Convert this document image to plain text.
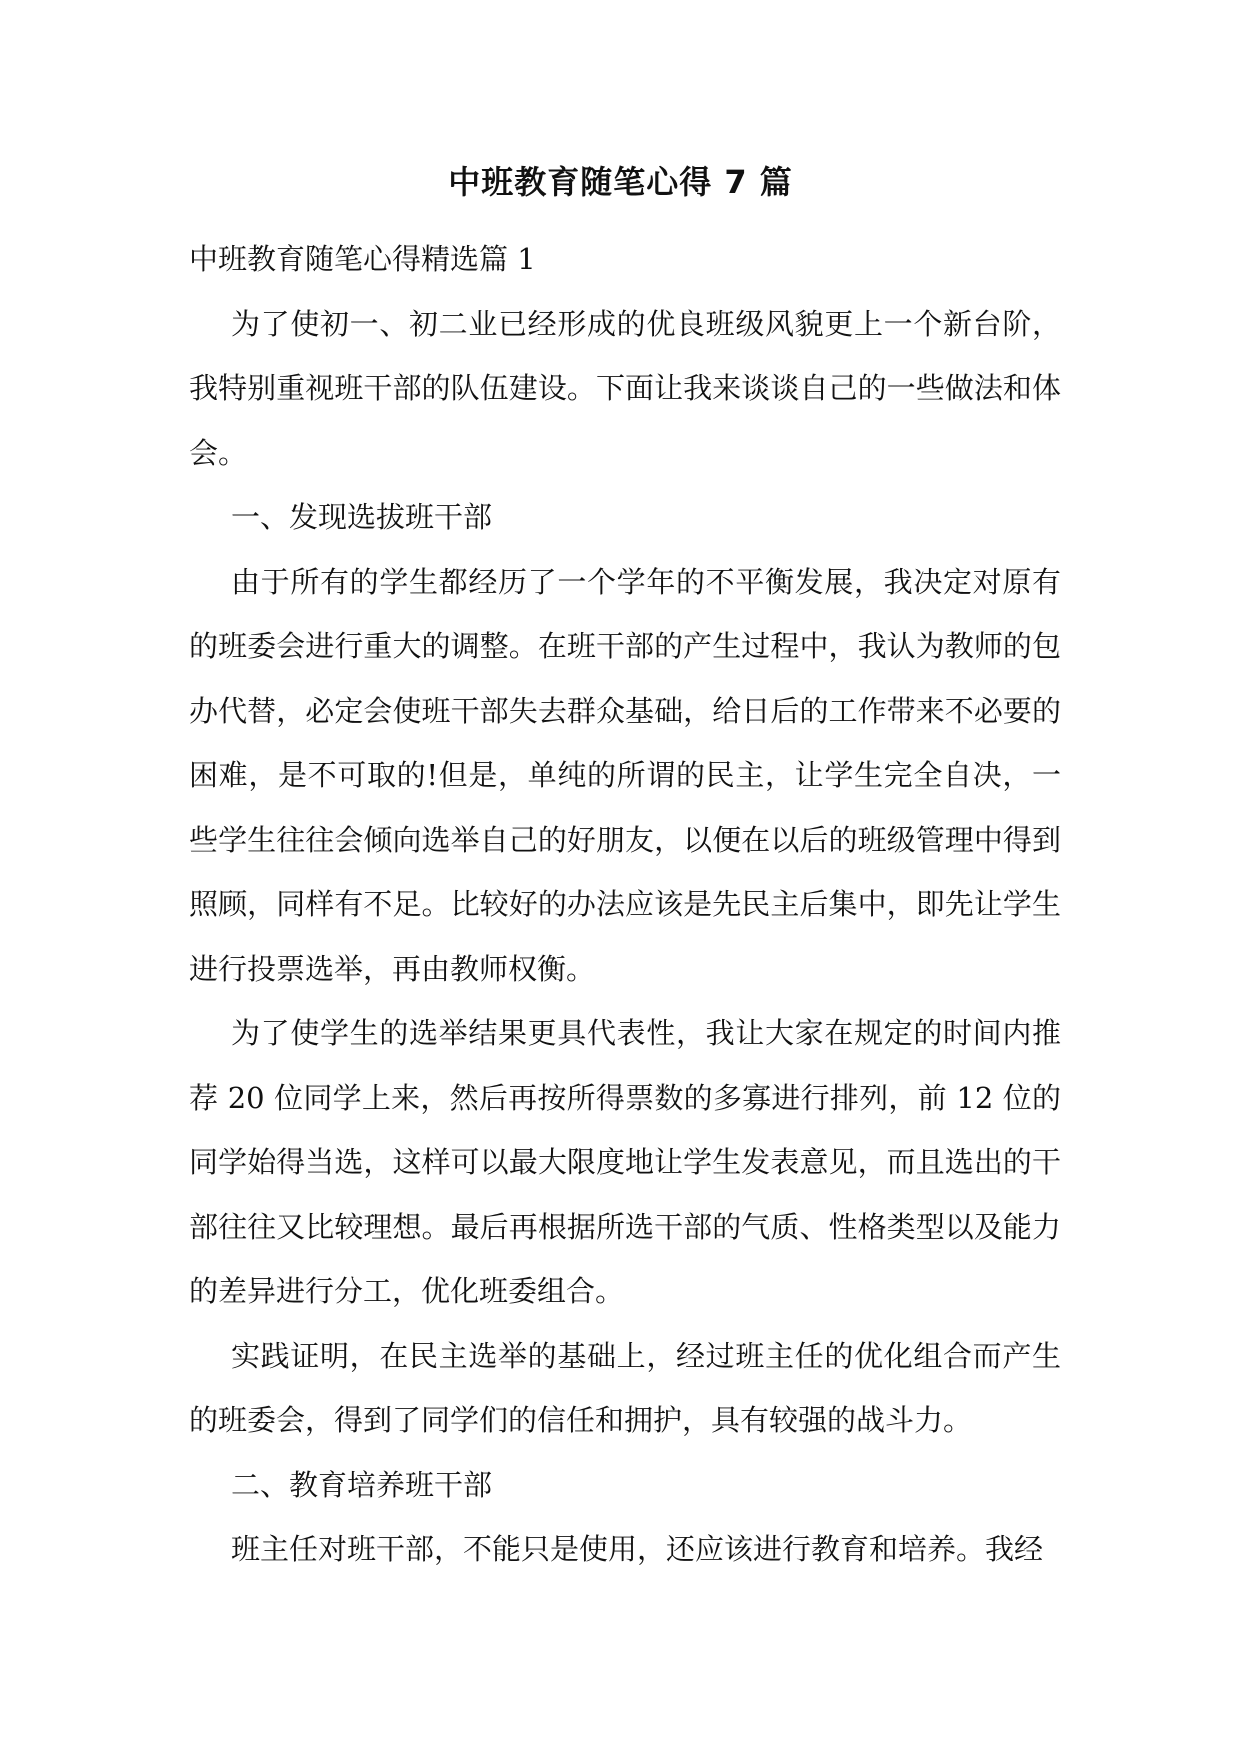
中班教育随笔心得 7 篇

中班教育随笔心得精选篇 1

为了使初一、初二业已经形成的优良班级风貌更上一个新台阶，我特别重视班干部的队伍建设。下面让我来谈谈自己的一些做法和体会。

一、发现选拔班干部

由于所有的学生都经历了一个学年的不平衡发展，我决定对原有的班委会进行重大的调整。在班干部的产生过程中，我认为教师的包办代替，必定会使班干部失去群众基础，给日后的工作带来不必要的困难，是不可取的!但是，单纯的所谓的民主，让学生完全自决，一些学生往往会倾向选举自己的好朋友，以便在以后的班级管理中得到照顾，同样有不足。比较好的办法应该是先民主后集中，即先让学生进行投票选举，再由教师权衡。

为了使学生的选举结果更具代表性，我让大家在规定的时间内推荐 20 位同学上来，然后再按所得票数的多寡进行排列，前 12 位的同学始得当选，这样可以最大限度地让学生发表意见，而且选出的干部往往又比较理想。最后再根据所选干部的气质、性格类型以及能力的差异进行分工，优化班委组合。

实践证明，在民主选举的基础上，经过班主任的优化组合而产生的班委会，得到了同学们的信任和拥护，具有较强的战斗力。

二、教育培养班干部

班主任对班干部，不能只是使用，还应该进行教育和培养。我经
